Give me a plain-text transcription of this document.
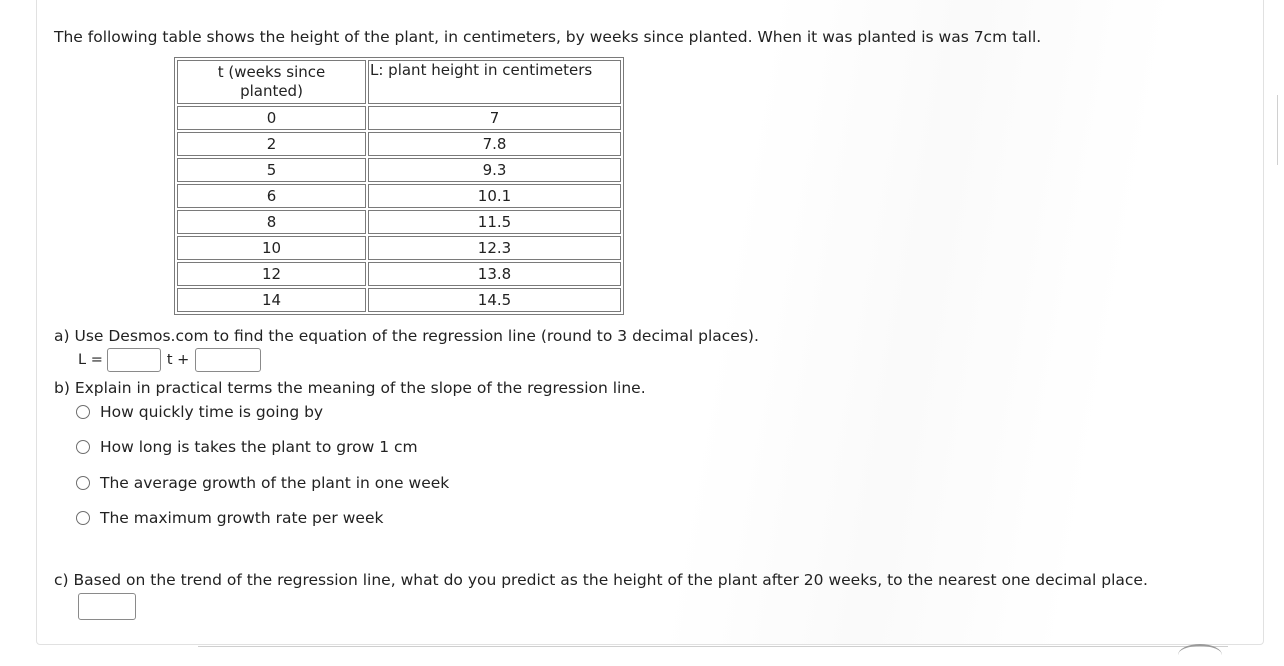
The following table shows the height of the plant, in centimeters, by weeks since planted. When it was planted is was 7cm tall.
t (weeks since
planted)	L: plant height in centimeters
0	7
2	7.8
5	9.3
6	10.1
8	11.5
10	12.3
12	13.8
14	14.5
a) Use Desmos.com to find the equation of the regression line (round to 3 decimal places).
L =	t +
b) Explain in practical terms the meaning of the slope of the regression line.
How quickly time is going by
How long is takes the plant to grow 1 cm
The average growth of the plant in one week
The maximum growth rate per week
c) Based on the trend of the regression line, what do you predict as the height of the plant after 20 weeks, to the nearest one decimal place.
